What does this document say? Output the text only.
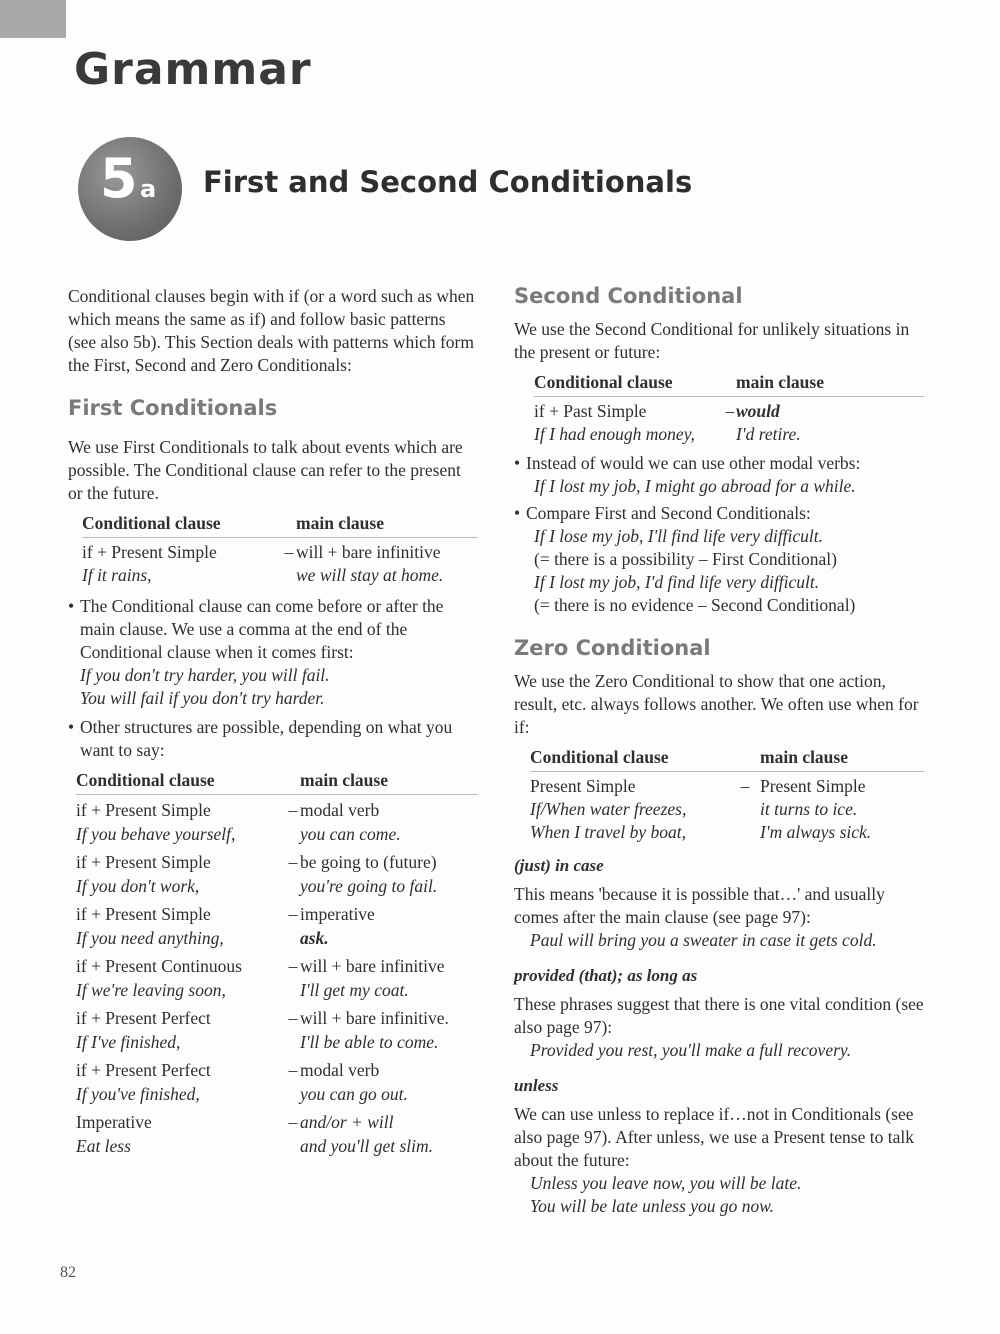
Grammar
5 a First and Second Conditionals

Conditional clauses begin with if (or a word such as when which means the same as if) and follow basic patterns (see also 5b). This Section deals with patterns which form the First, Second and Zero Conditionals:

First Conditionals

We use First Conditionals to talk about events which are possible. The Conditional clause can refer to the present or the future.

Conditional clause	main clause
if + Present Simple	– will + bare infinitive
If it rains,	we will stay at home.
• The Conditional clause can come before or after the main clause. We use a comma at the end of the Conditional clause when it comes first:
If you don't try harder, you will fail.
You will fail if you don't try harder.
• Other structures are possible, depending on what you want to say:
Conditional clause	main clause
if + Present Simple	– modal verb
If you behave yourself,	you can come.
if + Present Simple	– be going to (future)
If you don't work,	you're going to fail.
if + Present Simple	– imperative
If you need anything,	ask.
if + Present Continuous	– will + bare infinitive
If we're leaving soon,	I'll get my coat.
if + Present Perfect	– will + bare infinitive.
If I've finished,	I'll be able to come.
if + Present Perfect	– modal verb
If you've finished,	you can go out.
Imperative	– and/or + will
Eat less	and you'll get slim.
Second Conditional

We use the Second Conditional for unlikely situations in the present or future:

Conditional clause	main clause
if + Past Simple	– would
If I had enough money,	I'd retire.
• Instead of would we can use other modal verbs:
If I lost my job, I might go abroad for a while.
• Compare First and Second Conditionals:
If I lose my job, I'll find life very difficult.
(= there is a possibility – First Conditional)
If I lost my job, I'd find life very difficult.
(= there is no evidence – Second Conditional)
Zero Conditional

We use the Zero Conditional to show that one action, result, etc. always follows another. We often use when for if:

Conditional clause	main clause
Present Simple	– Present Simple
If/When water freezes,	it turns to ice.
When I travel by boat,	I'm always sick.
(just) in case

This means 'because it is possible that…' and usually comes after the main clause (see page 97):

Paul will bring you a sweater in case it gets cold.
provided (that); as long as

These phrases suggest that there is one vital condition (see also page 97):

Provided you rest, you'll make a full recovery.
unless

We can use unless to replace if…not in Conditionals (see also page 97). After unless, we use a Present tense to talk about the future:

Unless you leave now, you will be late.
You will be late unless you go now.
82
